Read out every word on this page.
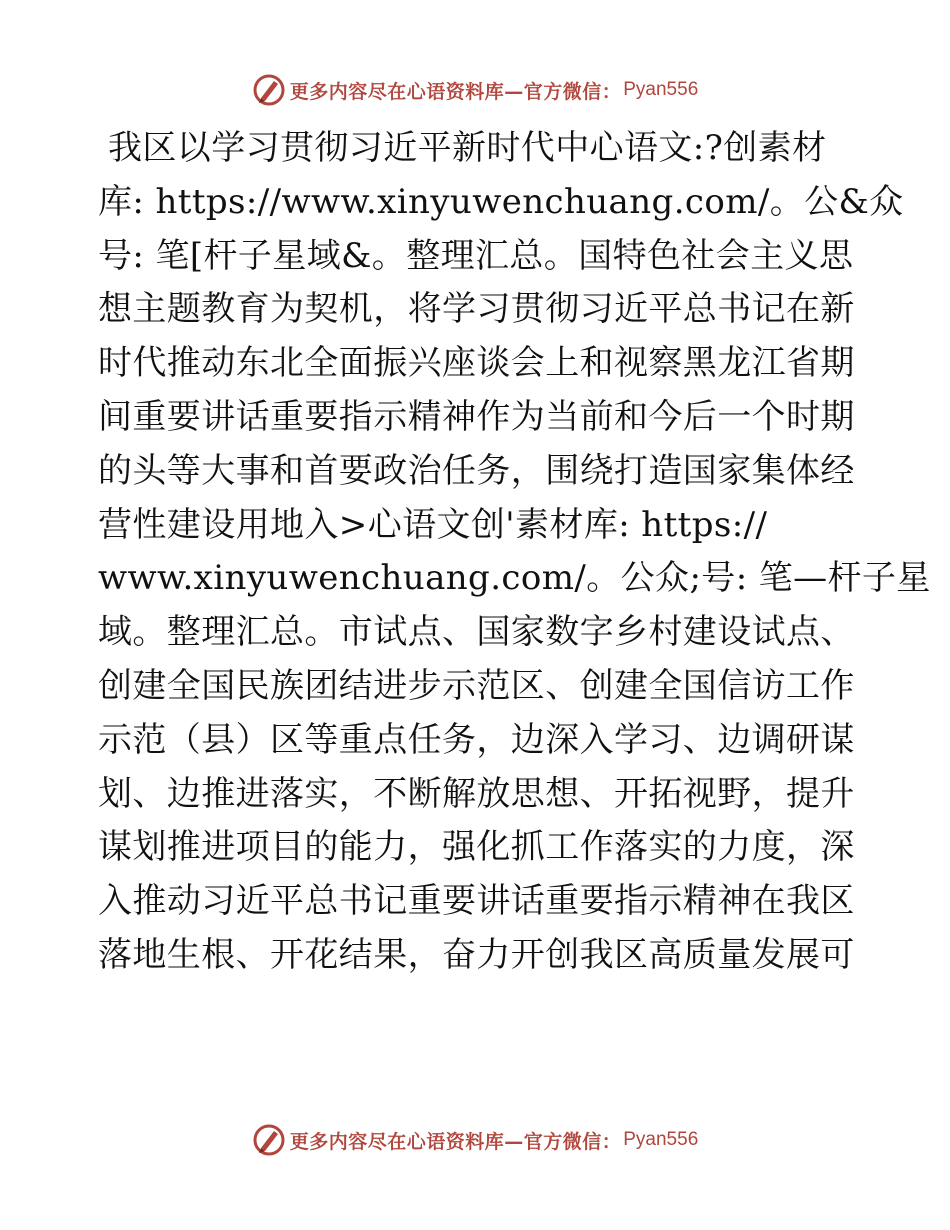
更多内容尽在心语资料库—官方微信： Pyan556
我区以学习贯彻习近平新时代中心语文:?创素材
库: https://www.xinyuwenchuang.com/。公&众
号: 笔[杆子星域&。整理汇总。国特色社会主义思
想主题教育为契机，将学习贯彻习近平总书记在新
时代推动东北全面振兴座谈会上和视察黑龙江省期
间重要讲话重要指示精神作为当前和今后一个时期
的头等大事和首要政治任务，围绕打造国家集体经
营性建设用地入>心语文创'素材库: https://
www.xinyuwenchuang.com/。公众;号: 笔—杆子星
域。整理汇总。市试点、国家数字乡村建设试点、
创建全国民族团结进步示范区、创建全国信访工作
示范（县）区等重点任务，边深入学习、边调研谋
划、边推进落实，不断解放思想、开拓视野，提升
谋划推进项目的能力，强化抓工作落实的力度，深
入推动习近平总书记重要讲话重要指示精神在我区
落地生根、开花结果，奋力开创我区高质量发展可
更多内容尽在心语资料库—官方微信： Pyan556
